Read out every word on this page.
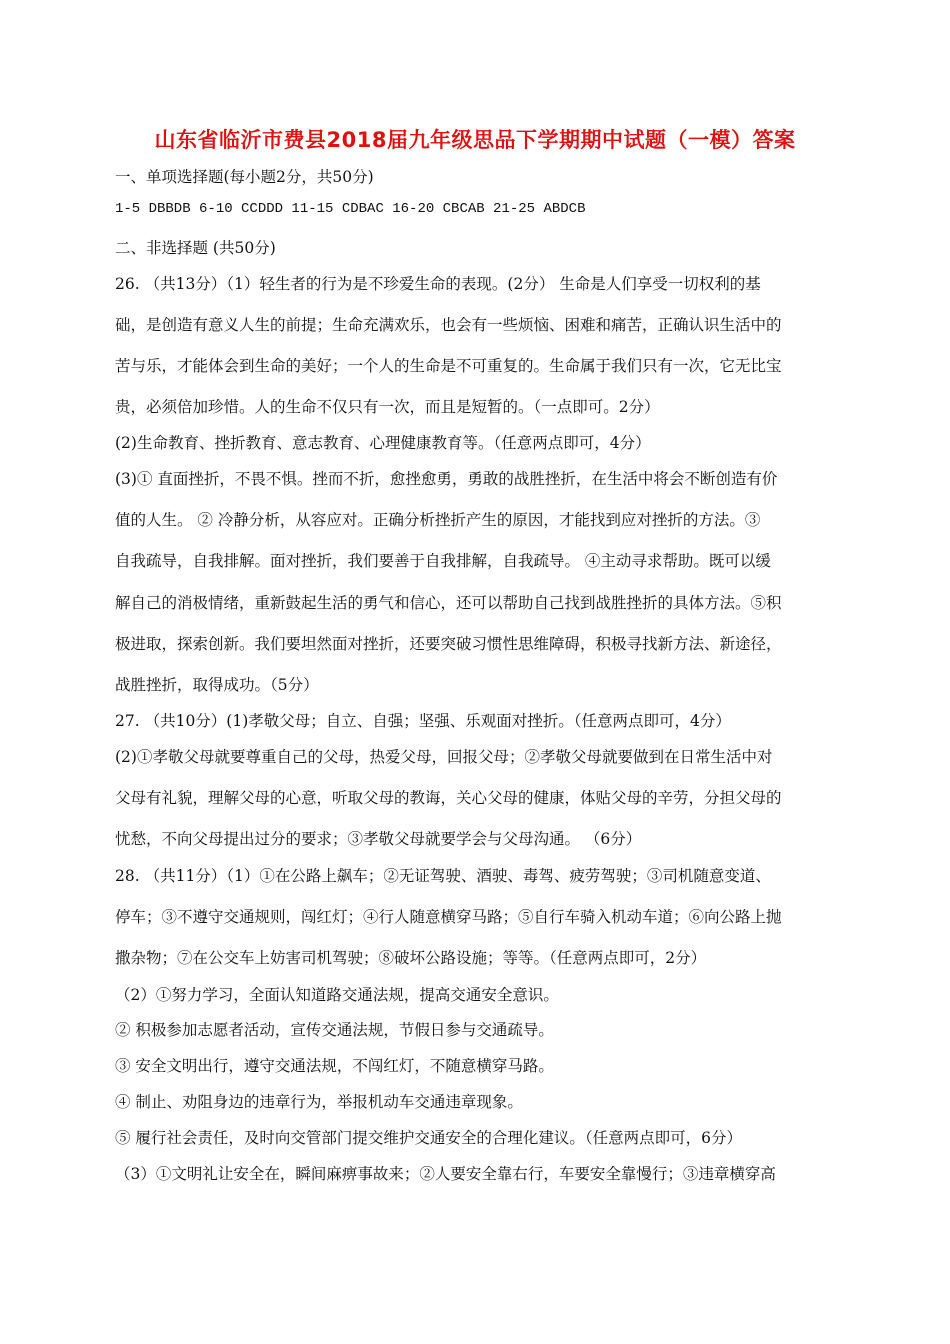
山东省临沂市费县2018届九年级思品下学期期中试题（一模）答案
一、单项选择题(每小题2分，共50分)
1-5 DBBDB 6-10 CCDDD 11-15 CDBAC 16-20 CBCAB 21-25 ABDCB
二、非选择题 (共50分)
26. （共13分）（1）轻生者的行为是不珍爱生命的表现。(2分） 生命是人们享受一切权利的基
础，是创造有意义人生的前提；生命充满欢乐，也会有一些烦恼、困难和痛苦，正确认识生活中的
苦与乐，才能体会到生命的美好；一个人的生命是不可重复的。生命属于我们只有一次，它无比宝
贵，必须倍加珍惜。人的生命不仅只有一次，而且是短暂的。（一点即可。2分）
(2)生命教育、挫折教育、意志教育、心理健康教育等。（任意两点即可，4分）
(3)① 直面挫折，不畏不惧。挫而不折，愈挫愈勇，勇敢的战胜挫折，在生活中将会不断创造有价
值的人生。 ② 冷静分析，从容应对。正确分析挫折产生的原因，才能找到应对挫折的方法。③
自我疏导，自我排解。面对挫折，我们要善于自我排解，自我疏导。 ④主动寻求帮助。既可以缓
解自己的消极情绪，重新鼓起生活的勇气和信心，还可以帮助自己找到战胜挫折的具体方法。⑤积
极进取，探索创新。我们要坦然面对挫折，还要突破习惯性思维障碍，积极寻找新方法、新途径，
战胜挫折，取得成功。（5分）
27. （共10分）(1)孝敬父母；自立、自强；坚强、乐观面对挫折。（任意两点即可，4分）
(2)①孝敬父母就要尊重自己的父母，热爱父母，回报父母；②孝敬父母就要做到在日常生活中对
父母有礼貌，理解父母的心意，听取父母的教诲，关心父母的健康，体贴父母的辛劳，分担父母的
忧愁，不向父母提出过分的要求；③孝敬父母就要学会与父母沟通。 （6分）
28. （共11分）（1）①在公路上飙车；②无证驾驶、酒驶、毒驾、疲劳驾驶；③司机随意变道、
停车；③不遵守交通规则，闯红灯；④行人随意横穿马路；⑤自行车骑入机动车道；⑥向公路上抛
撒杂物；⑦在公交车上妨害司机驾驶；⑧破坏公路设施；等等。（任意两点即可，2分）
（2）①努力学习，全面认知道路交通法规，提高交通安全意识。
② 积极参加志愿者活动，宣传交通法规，节假日参与交通疏导。
③ 安全文明出行，遵守交通法规，不闯红灯，不随意横穿马路。
④ 制止、劝阻身边的违章行为，举报机动车交通违章现象。
⑤ 履行社会责任，及时向交管部门提交维护交通安全的合理化建议。（任意两点即可，6分）
（3）①文明礼让安全在，瞬间麻痹事故来；②人要安全靠右行，车要安全靠慢行；③违章横穿高
